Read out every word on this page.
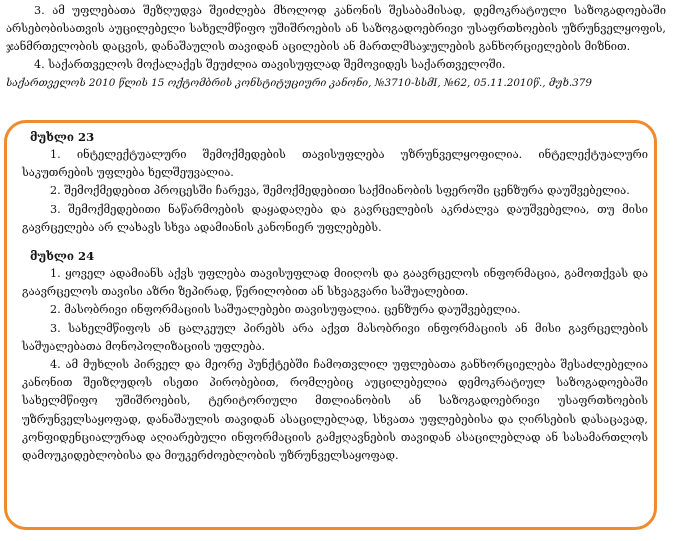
3. ამ უფლებათა შეზღუდვა შეიძლება მხოლოდ კანონის შესაბამისად, დემოკრატიული საზოგადოებაში არსებობისათვის აუცილებელი სახელმწიფო უშიშროების ან საზოგადოებრივი უსაფრთხოების უზრუნველყოფის, ჯანმრთელობის დაცვის, დანაშაულის თავიდან აცილების ან მართლმსაჯულების განხორციელების მიზნით.

4. საქართველოს მოქალაქეს შეუძლია თავისუფლად შემოვიდეს საქართველოში.

საქართველოს 2010 წლის 15 ოქტომბრის კონსტიტუციური კანონი, №3710-სსმI, №62, 05.11.2010წ., მუხ.379

მუხლი 23

1. ინტელექტუალური შემოქმედების თავისუფლება უზრუნველყოფილია. ინტელექტუალური საკუთრების უფლება ხელშეუვალია.

2. შემოქმედებით პროცესში ჩარევა, შემოქმედებითი საქმიანობის სფეროში ცენზურა დაუშვებელია.

3. შემოქმედებითი ნაწარმოების დაყადაღება და გავრცელების აკრძალვა დაუშვებელია, თუ მისი გავრცელება არ ლახავს სხვა ადამიანის კანონიერ უფლებებს.

მუხლი 24

1. ყოველ ადამიანს აქვს უფლება თავისუფლად მიიღოს და გაავრცელოს ინფორმაცია, გამოთქვას და გაავრცელოს თავისი აზრი ზეპირად, წერილობით ან სხვაგვარი საშუალებით.

2. მასობრივი ინფორმაციის საშუალებები თავისუფალია. ცენზურა დაუშვებელია.

3. სახელმწიფოს ან ცალკეულ პირებს არა აქვთ მასობრივი ინფორმაციის ან მისი გავრცელების საშუალებათა მონოპოლიზაციის უფლება.

4. ამ მუხლის პირველ და მეორე პუნქტებში ჩამოთვლილ უფლებათა განხორციელება შესაძლებელია კანონით შეიზღუდოს ისეთი პირობებით, რომლებიც აუცილებელია დემოკრატიულ საზოგადოებაში სახელმწიფო უშიშროების, ტერიტორიული მთლიანობის ან საზოგადოებრივი უსაფრთხოების უზრუნველსაყოფად, დანაშაულის თავიდან ასაცილებლად, სხვათა უფლებებისა და ღირსების დასაცავად, კონფიდენციალურად აღიარებული ინფორმაციის გამჟღავნების თავიდან ასაცილებლად ან სასამართლოს დამოუკიდებლობისა და მიუკერძოებლობის უზრუნველსაყოფად.
